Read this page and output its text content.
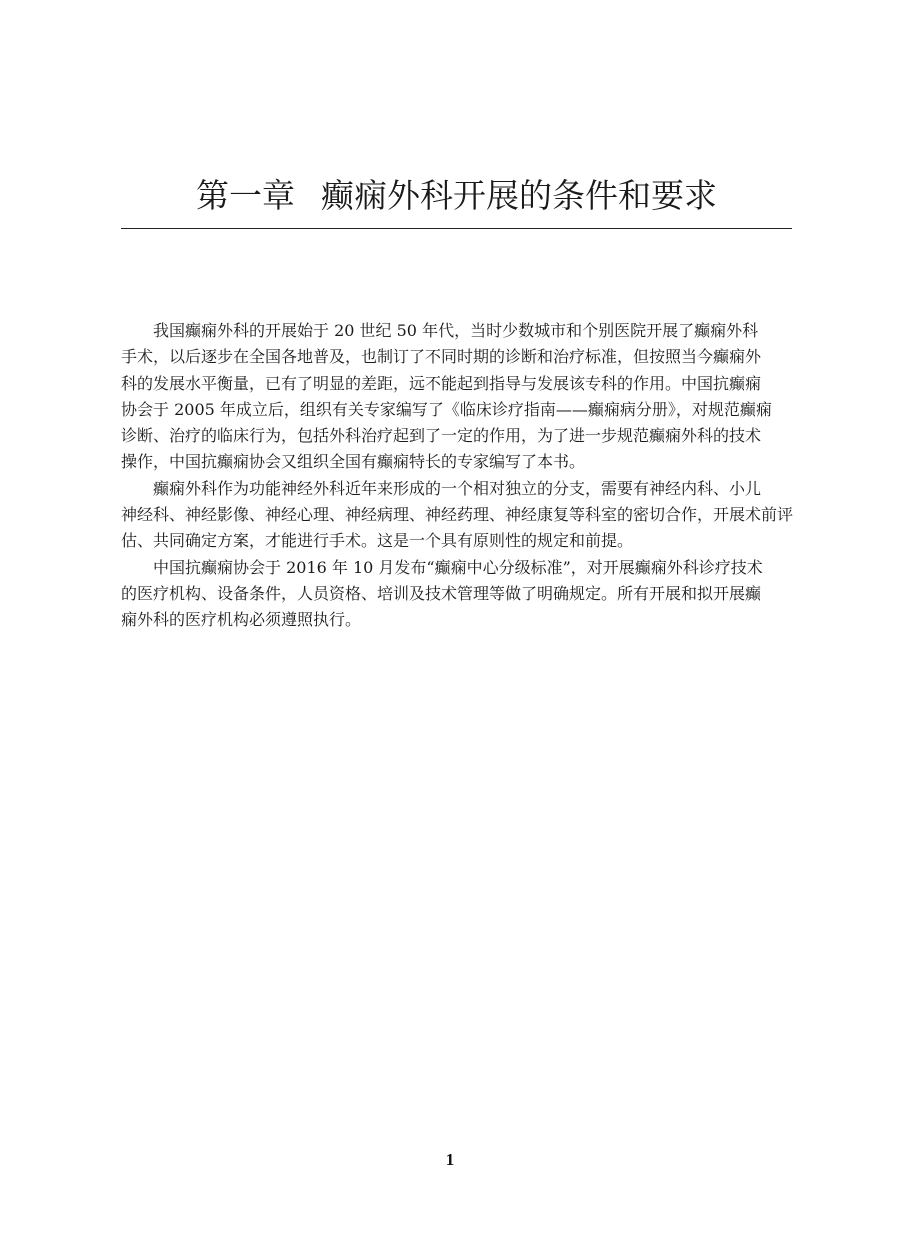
第一章 癫痫外科开展的条件和要求

我国癫痫外科的开展始于 20 世纪 50 年代，当时少数城市和个别医院开展了癫痫外科
手术，以后逐步在全国各地普及，也制订了不同时期的诊断和治疗标准，但按照当今癫痫外
科的发展水平衡量，已有了明显的差距，远不能起到指导与发展该专科的作用。中国抗癫痫
协会于 2005 年成立后，组织有关专家编写了《临床诊疗指南——癫痫病分册》，对规范癫痫
诊断、治疗的临床行为，包括外科治疗起到了一定的作用，为了进一步规范癫痫外科的技术
操作，中国抗癫痫协会又组织全国有癫痫特长的专家编写了本书。

癫痫外科作为功能神经外科近年来形成的一个相对独立的分支，需要有神经内科、小儿
神经科、神经影像、神经心理、神经病理、神经药理、神经康复等科室的密切合作，开展术前评
估、共同确定方案，才能进行手术。这是一个具有原则性的规定和前提。

中国抗癫痫协会于 2016 年 10 月发布“癫痫中心分级标准”，对开展癫痫外科诊疗技术
的医疗机构、设备条件，人员资格、培训及技术管理等做了明确规定。所有开展和拟开展癫
痫外科的医疗机构必须遵照执行。

1
